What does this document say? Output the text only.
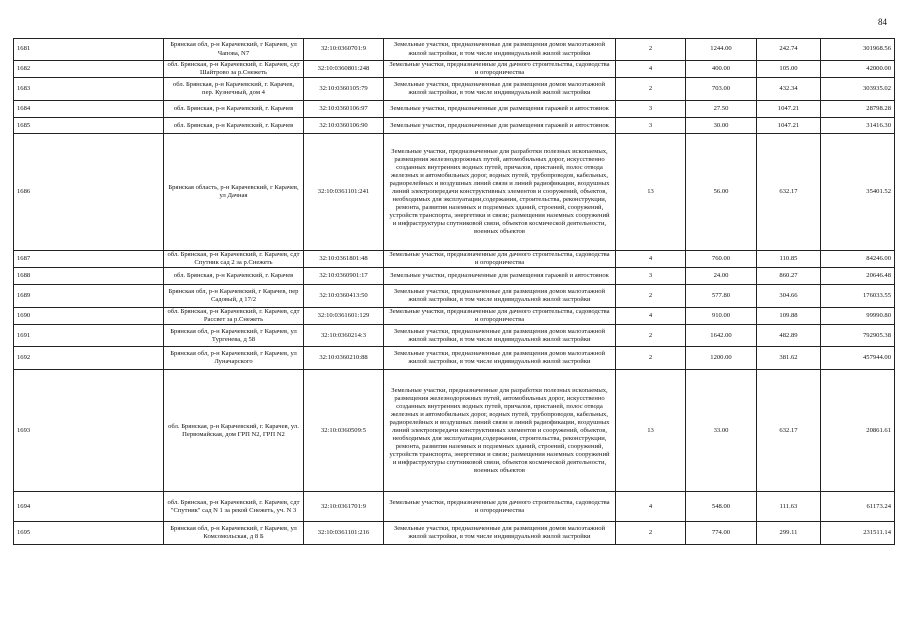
84
1681	Брянская обл, р-н Карачевский, г Карачев, ул Чапова, N7	32:10:0360701:9	Земельные участки, предназначенные для размещения домов малоэтажной жилой застройки, в том числе индивидуальной жилой застройки	2	1244.00	242.74	301968.56
1682	обл. Брянская, р-н Карачевский, г. Карачев, сдт Шайтрово за р.Снежеть	32:10:0360801:248	Земельные участки, предназначенные для дачного строительства, садоводства и огородничества	4	400.00	105.00	42000.00
1683	обл. Брянская, р-н Карачевский, г. Карачев, пер. Кузнечный, дом 4	32:10:0360105:79	Земельные участки, предназначенные для размещения домов малоэтажной жилой застройки, в том числе индивидуальной жилой застройки	2	703.00	432.34	303935.02
1684	обл. Брянская, р-н Карачевский, г. Карачев	32:10:0360106:97	Земельные участки, предназначенные для размещения гаражей и автостоянок	3	27.50	1047.21	28798.28
1685	обл. Брянская, р-н Карачевский, г. Карачев	32:10:0360106:90	Земельные участки, предназначенные для размещения гаражей и автостоянок	3	30.00	1047.21	31416.30
1686	Брянская область, р-н Карачевский, г Карачев, ул Дачная	32:10:0361101:241	Земельные участки, предназначенные для разработки полезных ископаемых, размещения железнодорожных путей, автомобильных дорог, искусственно созданных внутренних водных путей, причалов, пристаней, полос отвода железных и автомобильных дорог, водных путей, трубопроводов, кабельных, радиорелейных и воздушных линий связи и линий радиофикации, воздушных линий электропередачи конструктивных элементов и сооружений, объектов, необходимых для эксплуатации,содержания, строительства, реконструкции, ремонта, развития наземных и подземных зданий, строений, сооружений, устройств транспорта, энергетики и связи; размещения наземных сооружений и инфраструктуры спутниковой связи, объектов космической деятельности, военных объектов	13	56.00	632.17	35401.52
1687	обл. Брянская, р-н Карачевский, г. Карачев, сдт Спутник сад 2 за р.Снежеть	32:10:0361801:48	Земельные участки, предназначенные для дачного строительства, садоводства и огородничества	4	760.00	110.85	84246.00
1688	обл. Брянская, р-н Карачевский, г. Карачев	32:10:0360901:17	Земельные участки, предназначенные для размещения гаражей и автостоянок	3	24.00	860.27	20646.48
1689	Брянская обл, р-н Карачевский, г Карачев, пер Садовый, д 17/2	32:10:0360413:50	Земельные участки, предназначенные для размещения домов малоэтажной жилой застройки, в том числе индивидуальной жилой застройки	2	577.80	304.66	176033.55
1690	обл. Брянская, р-н Карачевский, г. Карачев, сдт Рассвет за р.Снежеть	32:10:0361601:129	Земельные участки, предназначенные для дачного строительства, садоводства и огородничества	4	910.00	109.88	99990.80
1691	Брянская обл, р-н Карачевский, г Карачев, ул Тургенева, д 58	32:10:0360214:3	Земельные участки, предназначенные для размещения домов малоэтажной жилой застройки, в том числе индивидуальной жилой застройки	2	1642.00	482.89	792905.38
1692	Брянская обл, р-н Карачевский, г Карачев, ул Луначарского	32:10:0360210:88	Земельные участки, предназначенные для размещения домов малоэтажной жилой застройки, в том числе индивидуальной жилой застройки	2	1200.00	381.62	457944.00
1693	обл. Брянская, р-н Карачевский, г. Карачев, ул. Первомайская, дом ГРП N2, ГРП N2	32:10:0360509:5	Земельные участки, предназначенные для разработки полезных ископаемых, размещения железнодорожных путей, автомобильных дорог, искусственно созданных внутренних водных путей, причалов, пристаней, полос отвода железных и автомобильных дорог, водных путей, трубопроводов, кабельных, радиорелейных и воздушных линий связи и линий радиофикации, воздушных линий электропередачи конструктивных элементов и сооружений, объектов, необходимых для эксплуатации,содержания, строительства, реконструкции, ремонта, развития наземных и подземных зданий, строений, сооружений, устройств транспорта, энергетики и связи; размещения наземных сооружений и инфраструктуры спутниковой связи, объектов космической деятельности, военных объектов	13	33.00	632.17	20861.61
1694	обл. Брянская, р-н Карачевский, г. Карачев, сдт "Спутник" сад N 1 за рекой Снежеть, уч. N 3	32:10:0361701:9	Земельные участки, предназначенные для дачного строительства, садоводства и огородничества	4	548.00	111.63	61173.24
1695	Брянская обл, р-н Карачевский, г Карачев, ул Комсомольская, д 8 Б	32:10:0361101:216	Земельные участки, предназначенные для размещения домов малоэтажной жилой застройки, в том числе индивидуальной жилой застройки	2	774.00	299.11	231511.14
